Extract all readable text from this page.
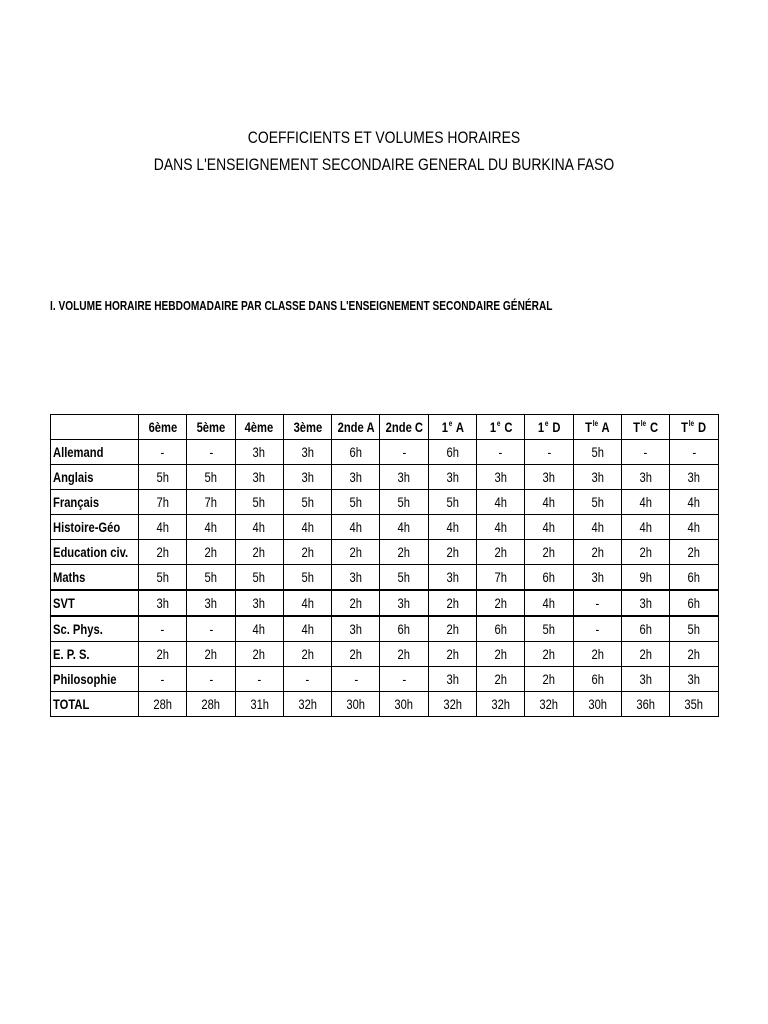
COEFFICIENTS ET VOLUMES HORAIRES
DANS L'ENSEIGNEMENT SECONDAIRE GENERAL DU BURKINA FASO
I. VOLUME HORAIRE HEBDOMADAIRE PAR CLASSE DANS L'ENSEIGNEMENT SECONDAIRE GÉNÉRAL
	6ème	5ème	4ème	3ème	2nde A	2nde C	1e A	1e C	1e D	$T^{le}$ A	$T^{le}$ C	$T^{le}$ D
Allemand	-	-	3h	3h	6h	-	6h	-	-	5h	-	-
Anglais	5h	5h	3h	3h	3h	3h	3h	3h	3h	3h	3h	3h
Français	7h	7h	5h	5h	5h	5h	5h	4h	4h	5h	4h	4h
Histoire-Géo	4h	4h	4h	4h	4h	4h	4h	4h	4h	4h	4h	4h
Education civ.	2h	2h	2h	2h	2h	2h	2h	2h	2h	2h	2h	2h
Maths	5h	5h	5h	5h	3h	5h	3h	7h	6h	3h	9h	6h
SVT	3h	3h	3h	4h	2h	3h	2h	2h	4h	-	3h	6h
Sc. Phys.	-	-	4h	4h	3h	6h	2h	6h	5h	-	6h	5h
E. P. S.	2h	2h	2h	2h	2h	2h	2h	2h	2h	2h	2h	2h
Philosophie	-	-	-	-	-	-	3h	2h	2h	6h	3h	3h
TOTAL	28h	28h	31h	32h	30h	30h	32h	32h	32h	30h	36h	35h
